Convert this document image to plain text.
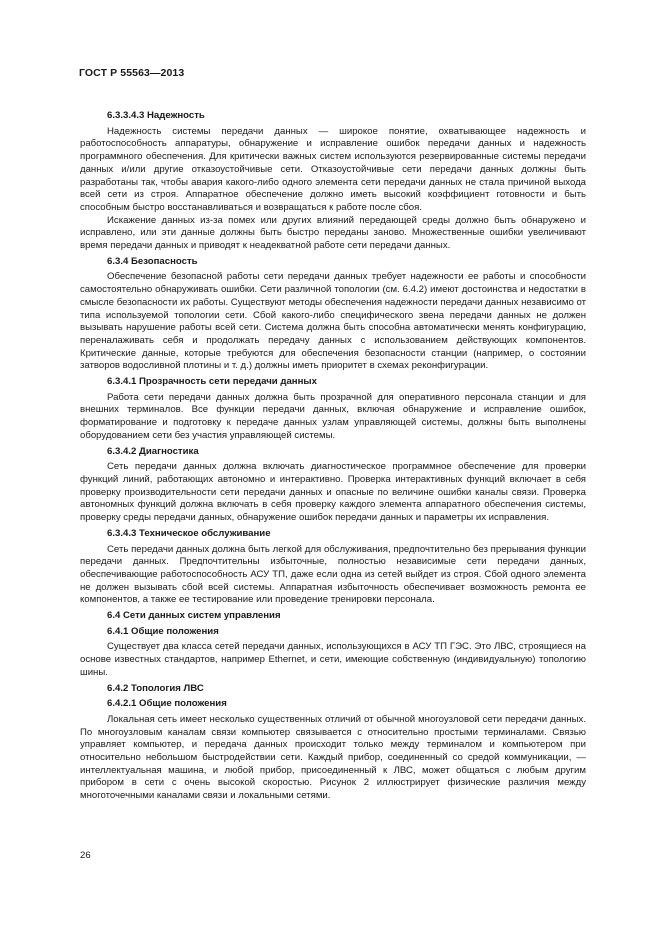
ГОСТ Р 55563—2013
6.3.3.4.3 Надежность

Надежность системы передачи данных — широкое понятие, охватывающее надежность и работоспособность аппаратуры, обнаружение и исправление ошибок передачи данных и надежность программного обеспечения. Для критически важных систем используются резервированные системы передачи данных и/или другие отказоустойчивые сети. Отказоустойчивые сети передачи данных должны быть разработаны так, чтобы авария какого-либо одного элемента сети передачи данных не стала причиной выхода всей сети из строя. Аппаратное обеспечение должно иметь высокий коэффициент готовности и быть способным быстро восстанавливаться и возвращаться к работе после сбоя.

Искажение данных из-за помех или других влияний передающей среды должно быть обнаружено и исправлено, или эти данные должны быть быстро переданы заново. Множественные ошибки увеличивают время передачи данных и приводят к неадекватной работе сети передачи данных.

6.3.4 Безопасность

Обеспечение безопасной работы сети передачи данных требует надежности ее работы и способности самостоятельно обнаруживать ошибки. Сети различной топологии (см. 6.4.2) имеют достоинства и недостатки в смысле безопасности их работы. Существуют методы обеспечения надежности передачи данных независимо от типа используемой топологии сети. Сбой какого-либо специфического звена передачи данных не должен вызывать нарушение работы всей сети. Система должна быть способна автоматически менять конфигурацию, переналаживать себя и продолжать передачу данных с использованием действующих компонентов. Критические данные, которые требуются для обеспечения безопасности станции (например, о состоянии затворов водосливной плотины и т. д.) должны иметь приоритет в схемах реконфигурации.

6.3.4.1 Прозрачность сети передачи данных

Работа сети передачи данных должна быть прозрачной для оперативного персонала станции и для внешних терминалов. Все функции передачи данных, включая обнаружение и исправление ошибок, форматирование и подготовку к передаче данных узлам управляющей системы, должны быть выполнены оборудованием сети без участия управляющей системы.

6.3.4.2 Диагностика

Сеть передачи данных должна включать диагностическое программное обеспечение для проверки функций линий, работающих автономно и интерактивно. Проверка интерактивных функций включает в себя проверку производительности сети передачи данных и опасные по величине ошибки каналы связи. Проверка автономных функций должна включать в себя проверку каждого элемента аппаратного обеспечения системы, проверку среды передачи данных, обнаружение ошибок передачи данных и параметры их исправления.

6.3.4.3 Техническое обслуживание

Сеть передачи данных должна быть легкой для обслуживания, предпочтительно без прерывания функции передачи данных. Предпочтительны избыточные, полностью независимые сети передачи данных, обеспечивающие работоспособность АСУ ТП, даже если одна из сетей выйдет из строя. Сбой одного элемента не должен вызывать сбой всей системы. Аппаратная избыточность обеспечивает возможность ремонта ее компонентов, а также ее тестирование или проведение тренировки персонала.

6.4 Сети данных систем управления
6.4.1 Общие положения

Существует два класса сетей передачи данных, использующихся в АСУ ТП ГЭС. Это ЛВС, строящиеся на основе известных стандартов, например Ethernet, и сети, имеющие собственную (индивидуальную) топологию шины.

6.4.2 Топология ЛВС
6.4.2.1 Общие положения

Локальная сеть имеет несколько существенных отличий от обычной многоузловой сети передачи данных. По многоузловым каналам связи компьютер связывается с относительно простыми терминалами. Связью управляет компьютер, и передача данных происходит только между терминалом и компьютером при относительно небольшом быстродействии сети. Каждый прибор, соединенный со средой коммуникации, — интеллектуальная машина, и любой прибор, присоединенный к ЛВС, может общаться с любым другим прибором в сети с очень высокой скоростью. Рисунок 2 иллюстрирует физические различия между многоточечными каналами связи и локальными сетями.

26
